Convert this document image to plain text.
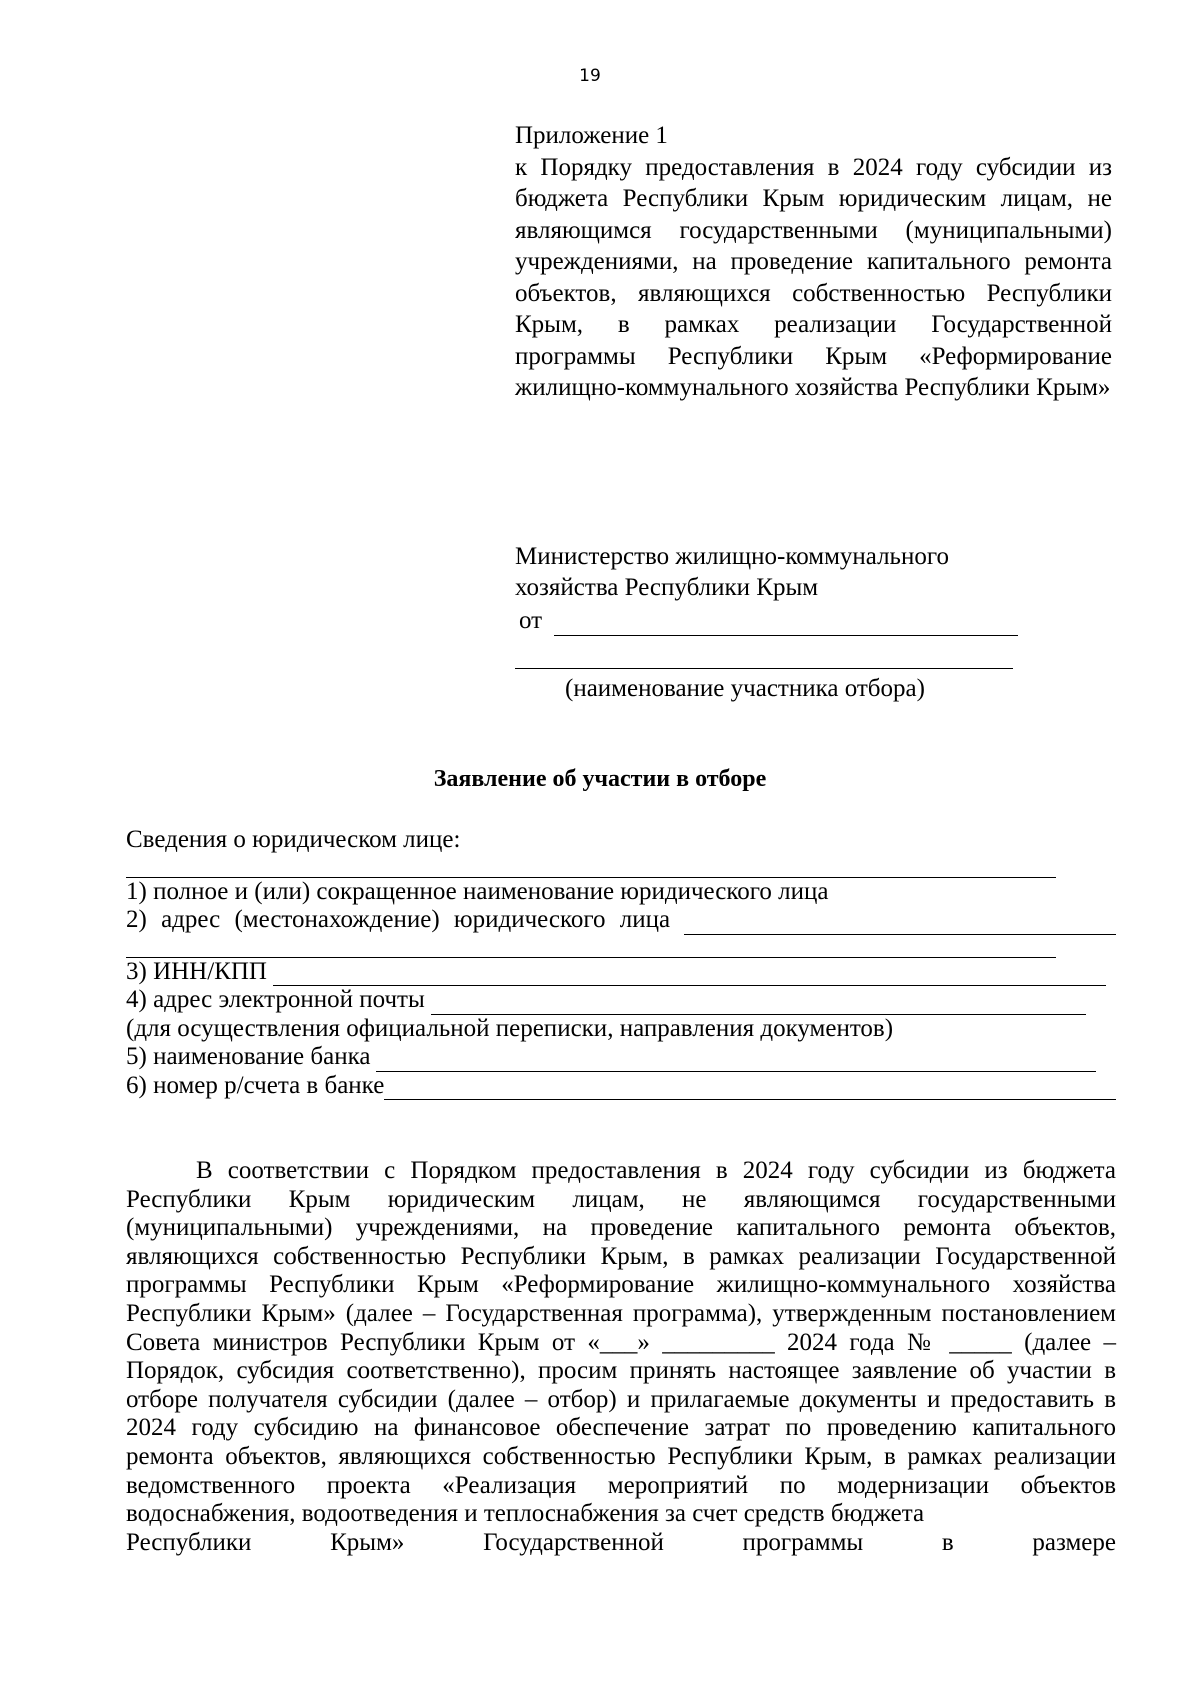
19

Приложение 1

к Порядку предоставления в 2024 году субсидии из бюджета Республики Крым юридическим лицам, не являющимся государственными (муниципальными) учреждениями, на проведение капитального ремонта объектов, являющихся собственностью Республики Крым, в рамках реализации Государственной программы Республики Крым «Реформирование жилищно-коммунального хозяйства Республики Крым»

Министерство жилищно-коммунального

хозяйства Республики Крым

от

(наименование участника отбора)

Заявление об участии в отборе

Сведения о юридическом лице:

1) полное и (или) сокращенное наименование юридического лица

2) адрес (местонахождение) юридического лица
3) ИНН/КПП
4) адрес электронной почты

(для осуществления официальной переписки, направления документов)

5) наименование банка
6) номер р/счета в банке

В соответствии с Порядком предоставления в 2024 году субсидии из бюджета Республики Крым юридическим лицам, не являющимся государственными (муниципальными) учреждениями, на проведение капитального ремонта объектов, являющихся собственностью Республики Крым, в рамках реализации Государственной программы Республики Крым «Реформирование жилищно-коммунального хозяйства Республики Крым» (далее – Государственная программа), утвержденным постановлением Совета министров Республики Крым от «___» _________ 2024 года № _____ (далее – Порядок, субсидия соответственно), просим принять настоящее заявление об участии в отборе получателя субсидии (далее – отбор) и прилагаемые документы и предоставить в 2024 году субсидию на финансовое обеспечение затрат по проведению капитального ремонта объектов, являющихся собственностью Республики Крым, в рамках реализации ведомственного проекта «Реализация мероприятий по модернизации объектов водоснабжения, водоотведения и теплоснабжения за счет средств бюджета
Республики Крым» Государственной программы в размере
